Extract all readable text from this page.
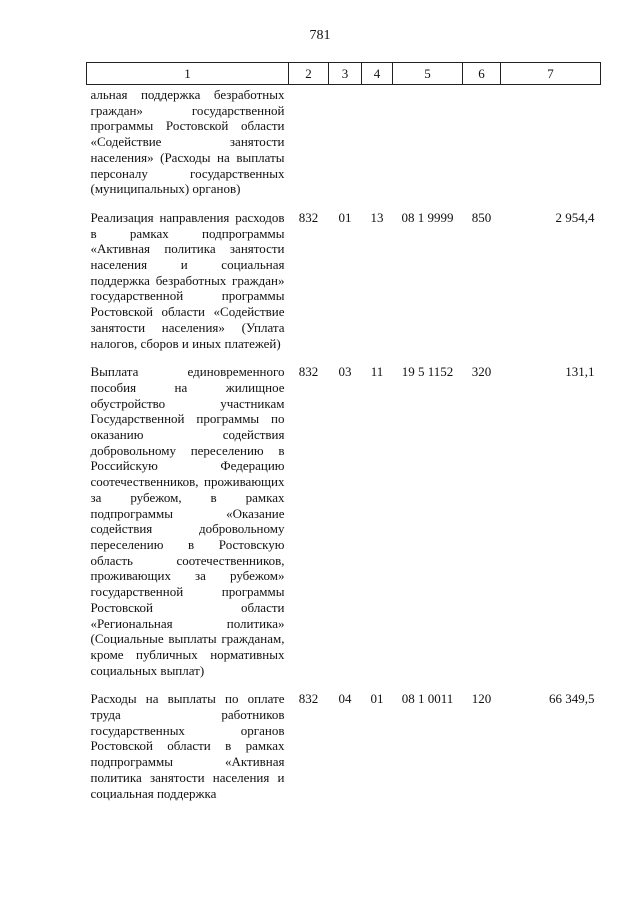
781
1	2	3	4	5	6	7
альная поддержка безработных граждан» государственной программы Ростовской области «Содействие занятости населения» (Расходы на выплаты персоналу государственных (муниципальных) органов)						
Реализация направления расходов в рамках подпрограммы «Активная политика занятости населения и социальная поддержка безработных граждан» государственной программы Ростовской области «Содействие занятости населения» (Уплата налогов, сборов и иных платежей)	832	01	13	08 1 9999	850	2 954,4
Выплата единовременного пособия на жилищное обустройство участникам Государственной программы по оказанию содействия добровольному переселению в Российскую Федерацию соотечественников, проживающих за рубежом, в рамках подпрограммы «Оказание содействия добровольному переселению в Ростовскую область соотечественников, проживающих за рубежом» государственной программы Ростовской области «Региональная политика» (Социальные выплаты гражданам, кроме публичных нормативных социальных выплат)	832	03	11	19 5 1152	320	131,1
Расходы на выплаты по оплате труда работников государственных органов Ростовской области в рамках подпрограммы «Активная политика занятости населения и социальная поддержка	832	04	01	08 1 0011	120	66 349,5
